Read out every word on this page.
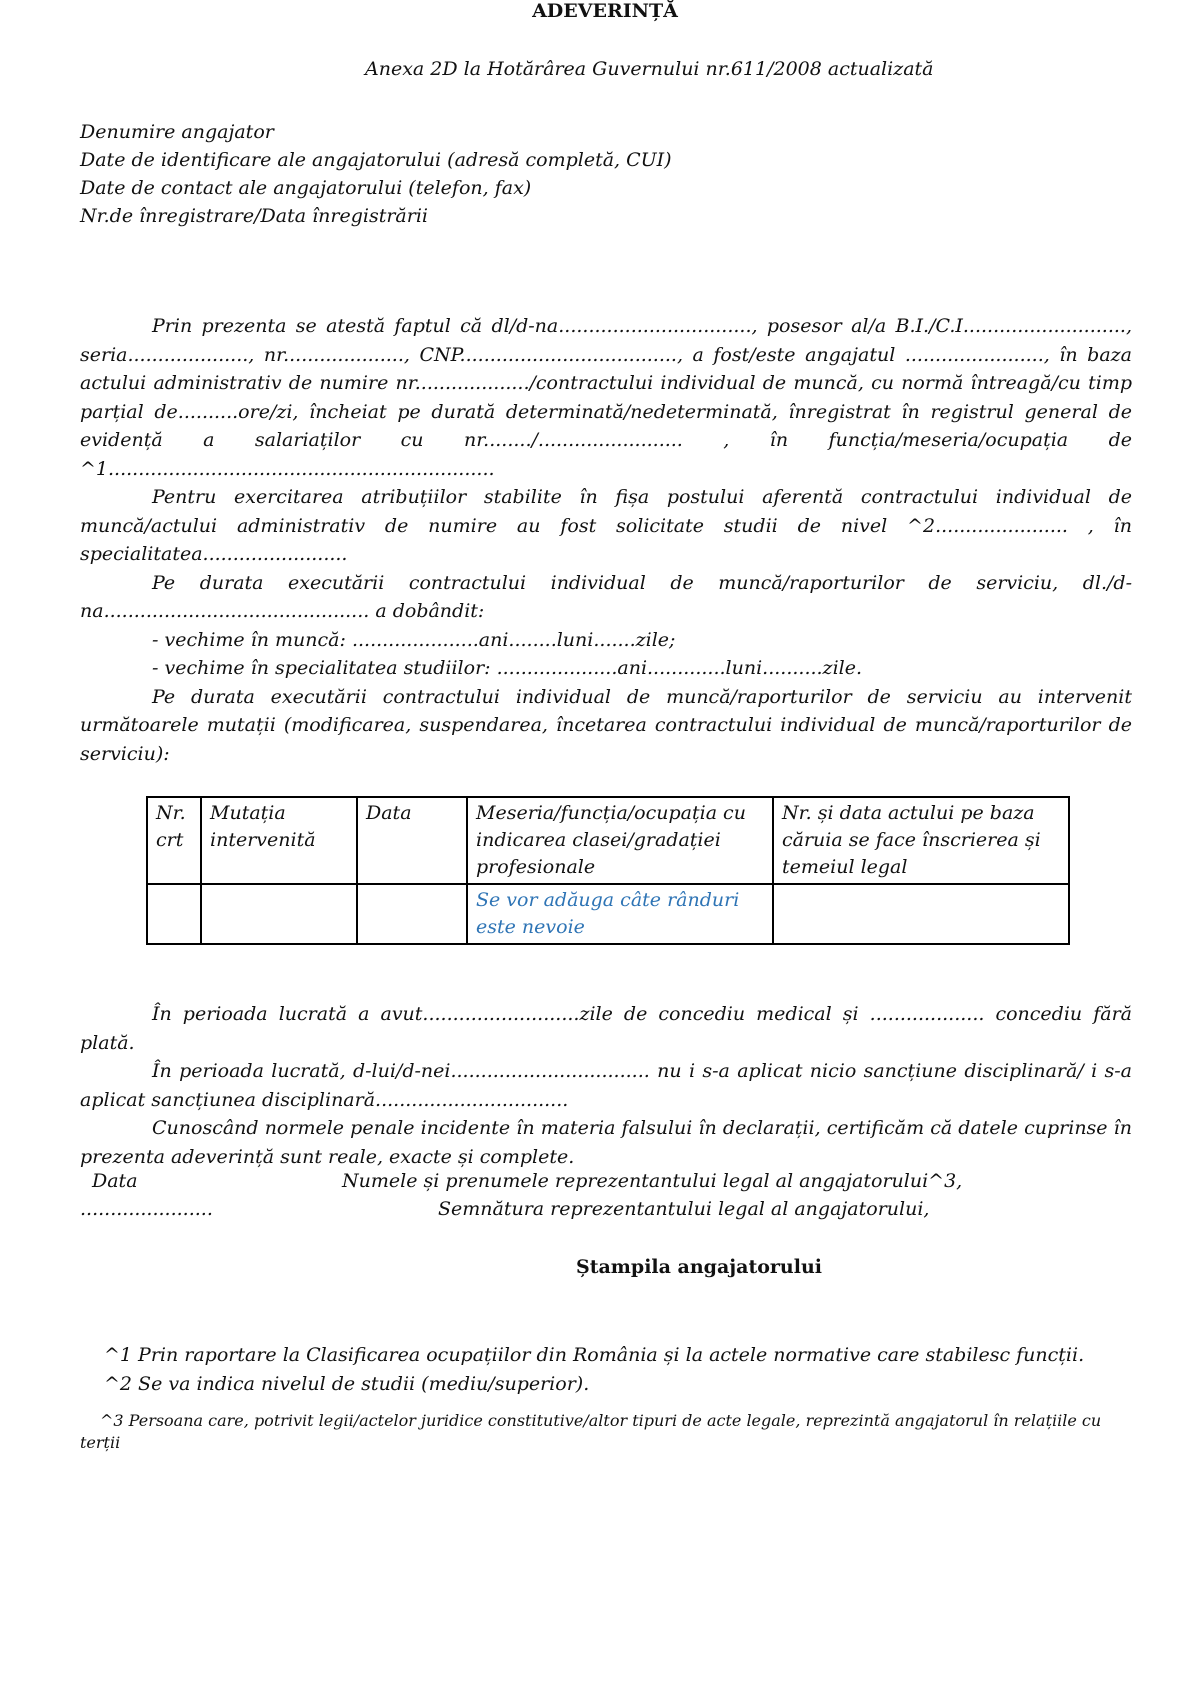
Anexa 2D la Hotărârea Guvernului nr.611/2008 actualizată
Denumire angajator
Date de identificare ale angajatorului (adresă completă, CUI)
Date de contact ale angajatorului (telefon, fax)
Nr.de înregistrare/Data înregistrării
ADEVERINȚĂ

Prin prezenta se atestă faptul că dl/d-na................................, posesor al/a B.I./C.I..........................., seria...................., nr...................., CNP...................................., a fost/este angajatul ......................., în baza actului administrativ de numire nr.................../contractului individual de muncă, cu normă întreagă/cu timp parțial de..........ore/zi, încheiat pe durată determinată/nedeterminată, înregistrat în registrul general de evidență a salariaților cu nr......../........................ , în funcția/meseria/ocupația de ^1................................................................

Pentru exercitarea atribuțiilor stabilite în fișa postului aferentă contractului individual de muncă/actului administrativ de numire au fost solicitate studii de nivel ^2...................... , în specialitatea........................

Pe durata executării contractului individual de muncă/raporturilor de serviciu, dl./d-na............................................ a dobândit:

- vechime în muncă: .....................ani........luni.......zile;

- vechime în specialitatea studiilor: ....................ani.............luni..........zile.

Pe durata executării contractului individual de muncă/raporturilor de serviciu au intervenit următoarele mutații (modificarea, suspendarea, încetarea contractului individual de muncă/raporturilor de serviciu):

Nr. crt	Mutația intervenită	Data	Meseria/funcția/ocupația cu indicarea clasei/gradației profesionale	Nr. și data actului pe baza căruia se face înscrierea și temeiul legal
			Se vor adăuga câte rânduri este nevoie	

În perioada lucrată a avut..........................zile de concediu medical și ................... concediu fără plată.

În perioada lucrată, d-lui/d-nei................................. nu i s-a aplicat nicio sancțiune disciplinară/ i s-a aplicat sancțiunea disciplinară................................

Cunoscând normele penale incidente în materia falsului în declarații, certificăm că datele cuprinse în prezenta adeverință sunt reale, exacte și complete.

Data
......................
Numele și prenumele reprezentantului legal al angajatorului^3,
Semnătura reprezentantului legal al angajatorului,
Ștampila angajatorului
^1 Prin raportare la Clasificarea ocupațiilor din România și la actele normative care stabilesc funcții.
^2 Se va indica nivelul de studii (mediu/superior).
^3 Persoana care, potrivit legii/actelor juridice constitutive/altor tipuri de acte legale, reprezintă angajatorul în relațiile cu terții
